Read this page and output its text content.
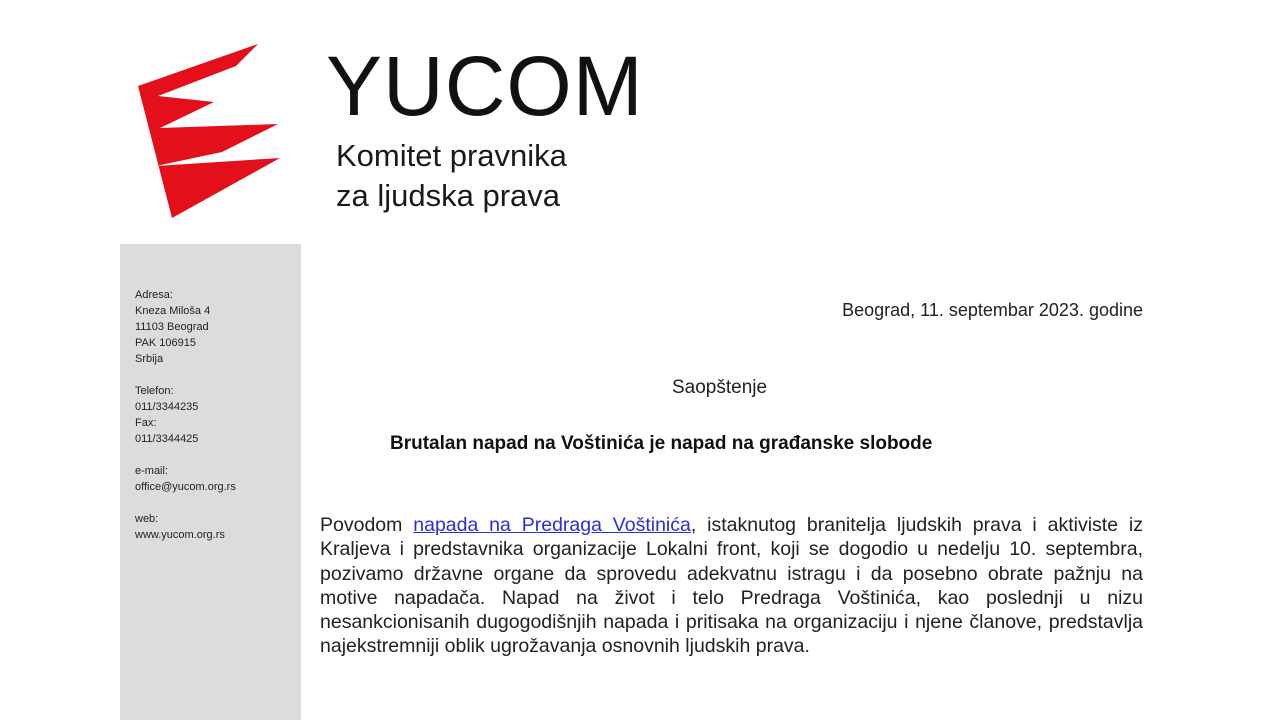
YUCOM
Komitet pravnika
za ljudska prava
Adresa:
Kneza Miloša 4
11103 Beograd
PAK 106915
Srbija
Telefon:
011/3344235
Fax:
011/3344425
e-mail:
office@yucom.org.rs
web:
www.yucom.org.rs
Beograd, 11. septembar 2023. godine
Saopštenje
Brutalan napad na Voštinića je napad na građanske slobode
Povodom napada na Predraga Voštinića, istaknutog branitelja ljudskih prava i aktiviste iz Kraljeva i predstavnika organizacije Lokalni front, koji se dogodio u nedelju 10. septembra, pozivamo državne organe da sprovedu adekvatnu istragu i da posebno obrate pažnju na motive napadača. Napad na život i telo Predraga Voštinića, kao poslednji u nizu nesankcionisanih dugogodišnjih napada i pritisaka na organizaciju i njene članove, predstavlja najekstremniji oblik ugrožavanja osnovnih ljudskih prava.
